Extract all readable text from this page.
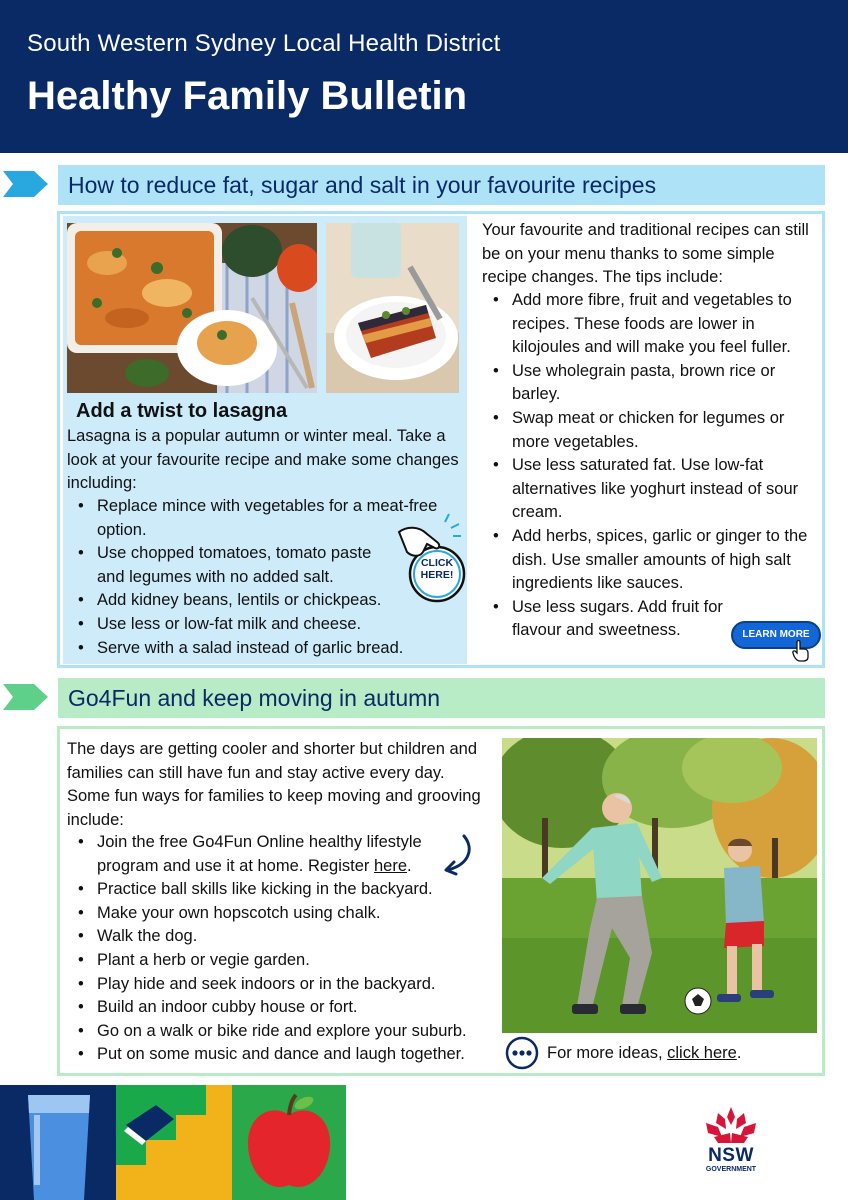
South Western Sydney Local Health District
Healthy Family Bulletin
How to reduce fat, sugar and salt in your favourite recipes
Add a twist to lasagna
Lasagna is a popular autumn or winter meal. Take a look at your favourite recipe and make some changes including:
• Replace mince with vegetables for a meat-free option.
• Use chopped tomatoes, tomato paste and legumes with no added salt.
• Add kidney beans, lentils or chickpeas.
• Use less or low-fat milk and cheese.
• Serve with a salad instead of garlic bread.
CLICK HERE!
Your favourite and traditional recipes can still be on your menu thanks to some simple recipe changes. The tips include:
• Add more fibre, fruit and vegetables to recipes. These foods are lower in kilojoules and will make you feel fuller.
• Use wholegrain pasta, brown rice or barley.
• Swap meat or chicken for legumes or more vegetables.
• Use less saturated fat. Use low-fat alternatives like yoghurt instead of sour cream.
• Add herbs, spices, garlic or ginger to the dish. Use smaller amounts of high salt ingredients like sauces.
• Use less sugars. Add fruit for flavour and sweetness.	LEARN MORE
Go4Fun and keep moving in autumn
The days are getting cooler and shorter but children and families can still have fun and stay active every day. Some fun ways for families to keep moving and grooving include:
• Join the free Go4Fun Online healthy lifestyle program and use it at home. Register here.
• Practice ball skills like kicking in the backyard.
• Make your own hopscotch using chalk.
• Walk the dog.
• Plant a herb or vegie garden.
• Play hide and seek indoors or in the backyard.
• Build an indoor cubby house or fort.
• Go on a walk or bike ride and explore your suburb.
• Put on some music and dance and laugh together.	For more ideas, click here.
NSW
GOVERNMENT
